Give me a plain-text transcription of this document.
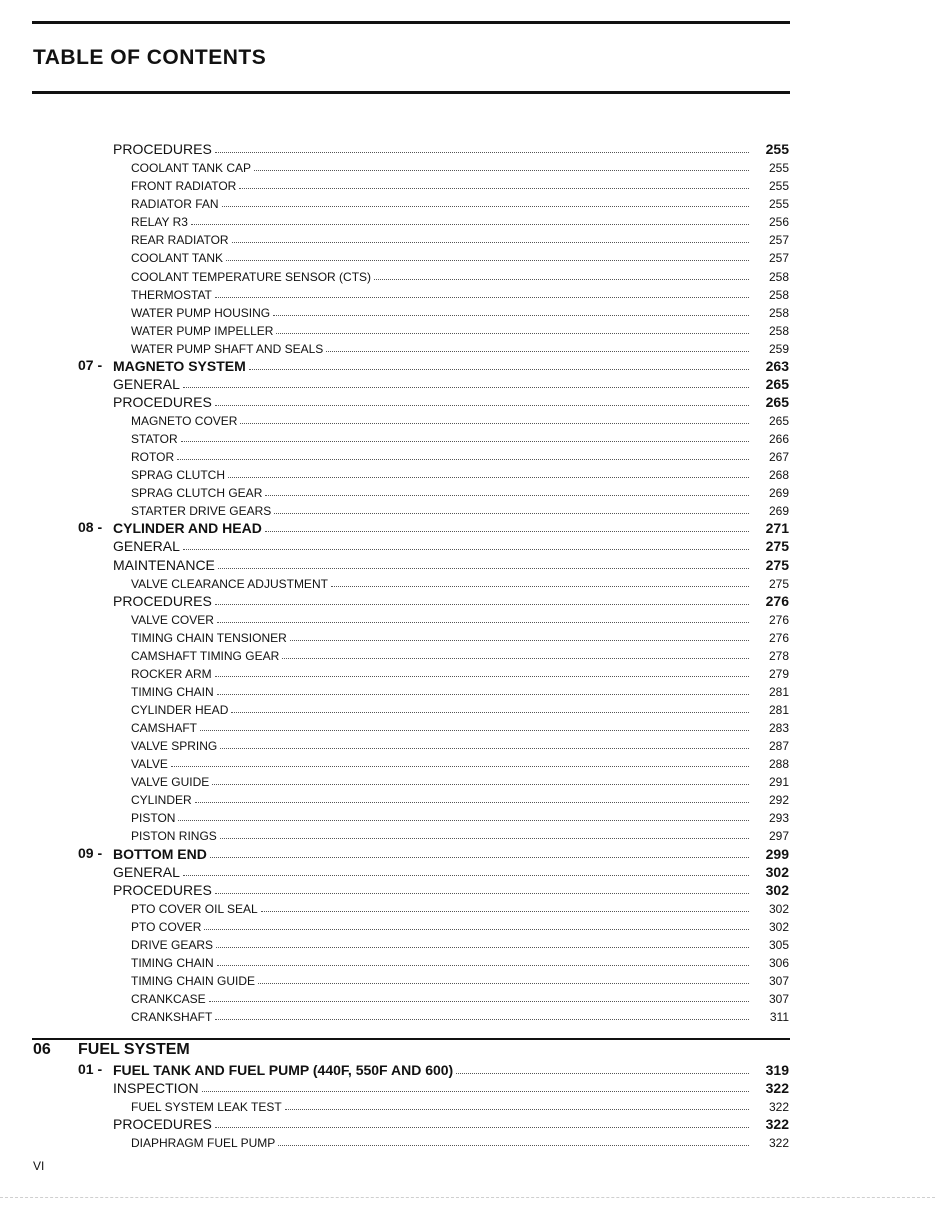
TABLE OF CONTENTS
PROCEDURES	255
COOLANT TANK CAP	255
FRONT RADIATOR	255
RADIATOR FAN	255
RELAY R3	256
REAR RADIATOR	257
COOLANT TANK	257
COOLANT TEMPERATURE SENSOR (CTS)	258
THERMOSTAT	258
WATER PUMP HOUSING	258
WATER PUMP IMPELLER	258
WATER PUMP SHAFT AND SEALS	259
07 - MAGNETO SYSTEM	263
GENERAL	265
PROCEDURES	265
MAGNETO COVER	265
STATOR	266
ROTOR	267
SPRAG CLUTCH	268
SPRAG CLUTCH GEAR	269
STARTER DRIVE GEARS	269
08 - CYLINDER AND HEAD	271
GENERAL	275
MAINTENANCE	275
VALVE CLEARANCE ADJUSTMENT	275
PROCEDURES	276
VALVE COVER	276
TIMING CHAIN TENSIONER	276
CAMSHAFT TIMING GEAR	278
ROCKER ARM	279
TIMING CHAIN	281
CYLINDER HEAD	281
CAMSHAFT	283
VALVE SPRING	287
VALVE	288
VALVE GUIDE	291
CYLINDER	292
PISTON	293
PISTON RINGS	297
09 - BOTTOM END	299
GENERAL	302
PROCEDURES	302
PTO COVER OIL SEAL	302
PTO COVER	302
DRIVE GEARS	305
TIMING CHAIN	306
TIMING CHAIN GUIDE	307
CRANKCASE	307
CRANKSHAFT	311
06 FUEL SYSTEM
01 - FUEL TANK AND FUEL PUMP (440F, 550F AND 600)	319
INSPECTION	322
FUEL SYSTEM LEAK TEST	322
PROCEDURES	322
DIAPHRAGM FUEL PUMP	322
VI
